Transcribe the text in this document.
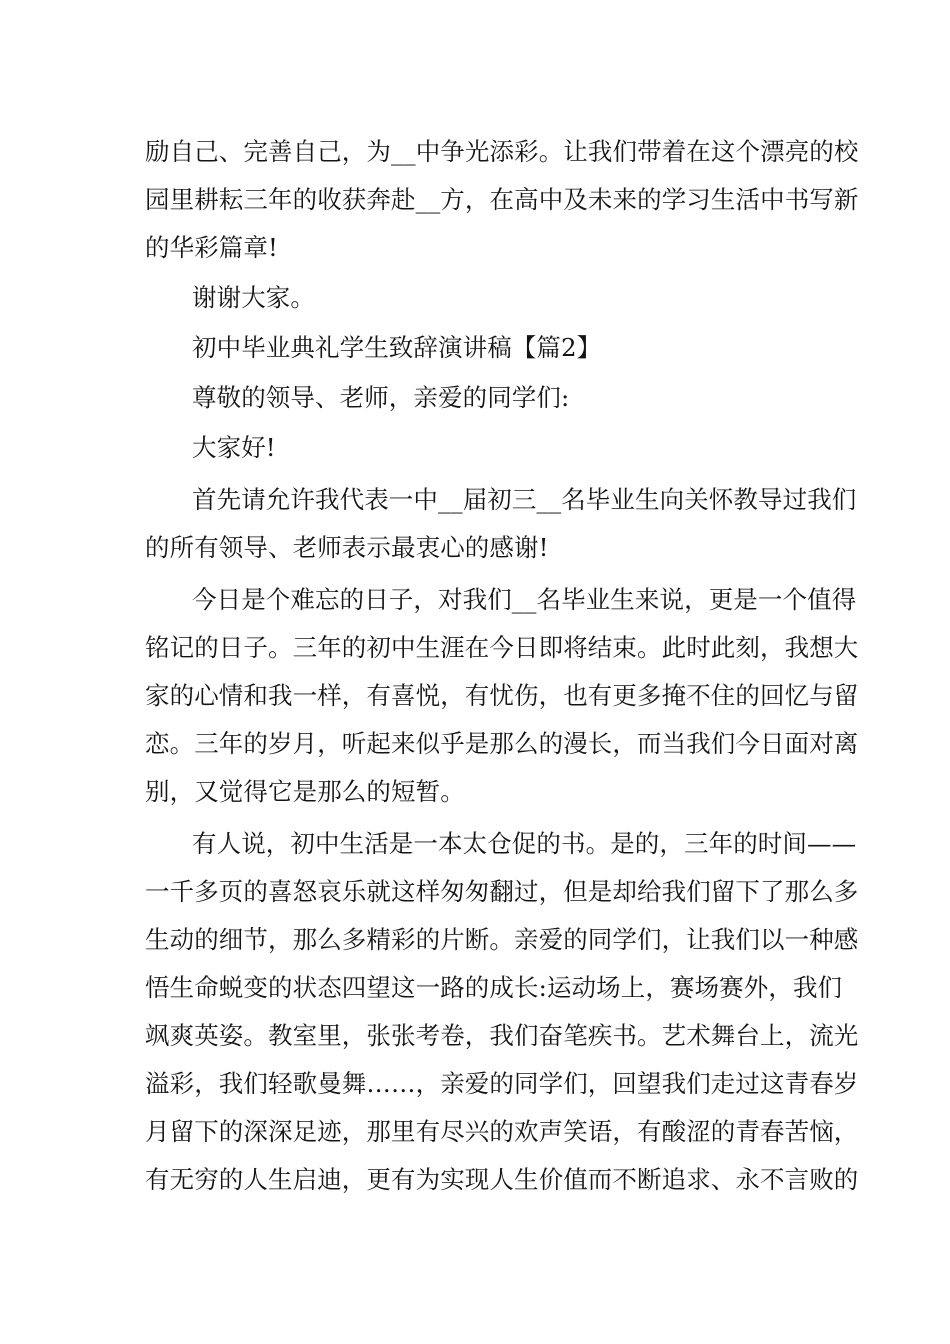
励自己、完善自己，为__中争光添彩。让我们带着在这个漂亮的校
园里耕耘三年的收获奔赴__方，在高中及未来的学习生活中书写新
的华彩篇章!
谢谢大家。
初中毕业典礼学生致辞演讲稿【篇2】
尊敬的领导、老师，亲爱的同学们:
大家好!
首先请允许我代表一中__届初三__名毕业生向关怀教导过我们
的所有领导、老师表示最衷心的感谢!
今日是个难忘的日子，对我们__名毕业生来说，更是一个值得
铭记的日子。三年的初中生涯在今日即将结束。此时此刻，我想大
家的心情和我一样，有喜悦，有忧伤，也有更多掩不住的回忆与留
恋。三年的岁月，听起来似乎是那么的漫长，而当我们今日面对离
别，又觉得它是那么的短暂。
有人说，初中生活是一本太仓促的书。是的，三年的时间——
一千多页的喜怒哀乐就这样匆匆翻过，但是却给我们留下了那么多
生动的细节，那么多精彩的片断。亲爱的同学们，让我们以一种感
悟生命蜕变的状态四望这一路的成长:运动场上，赛场赛外，我们
飒爽英姿。教室里，张张考卷，我们奋笔疾书。艺术舞台上，流光
溢彩，我们轻歌曼舞……，亲爱的同学们，回望我们走过这青春岁
月留下的深深足迹，那里有尽兴的欢声笑语，有酸涩的青春苦恼，
有无穷的人生启迪，更有为实现人生价值而不断追求、永不言败的
